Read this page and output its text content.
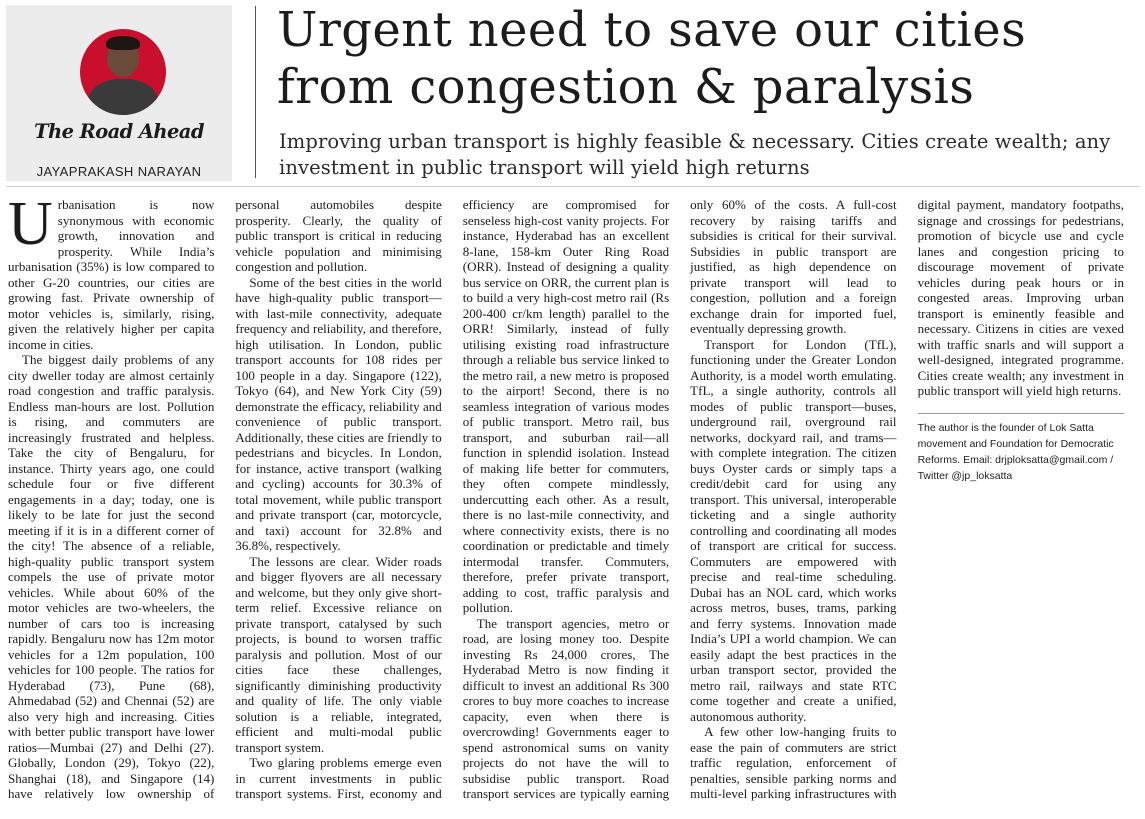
The Road Ahead
JAYAPRAKASH NARAYAN
Urgent need to save our cities from congestion & paralysis

Improving urban transport is highly feasible & necessary. Cities create wealth; any investment in public transport will yield high returns

Urbanisation is now synonymous with economic growth, innovation and prosperity. While India’s urbanisation (35%) is low compared to other G-20 countries, our cities are growing fast. Private ownership of motor vehicles is, similarly, rising, given the relatively higher per capita income in cities.

The biggest daily problems of any city dweller today are almost certainly road congestion and traffic paralysis. Endless man-hours are lost. Pollution is rising, and commuters are increasingly frustrated and helpless. Take the city of Bengaluru, for instance. Thirty years ago, one could schedule four or five different engagements in a day; today, one is likely to be late for just the second meeting if it is in a different corner of the city! The absence of a reliable, high-quality public transport system compels the use of private motor vehicles. While about 60% of the motor vehicles are two-wheelers, the number of cars too is increasing rapidly. Bengaluru now has 12m motor vehicles for a 12m population, 100 vehicles for 100 people. The ratios for Hyderabad (73), Pune (68), Ahmedabad (52) and Chennai (52) are also very high and increasing. Cities with better public transport have lower ratios—Mumbai (27) and Delhi (27). Globally, London (29), Tokyo (22), Shanghai (18), and Singapore (14) have relatively low ownership of personal automobiles despite prosperity. Clearly, the quality of public transport is critical in reducing vehicle population and minimising congestion and pollution.

Some of the best cities in the world have high-quality public transport—with last-mile connectivity, adequate frequency and reliability, and therefore, high utilisation. In London, public transport accounts for 108 rides per 100 people in a day. Singapore (122), Tokyo (64), and New York City (59) demonstrate the efficacy, reliability and convenience of public transport. Additionally, these cities are friendly to pedestrians and bicycles. In London, for instance, active transport (walking and cycling) accounts for 30.3% of total movement, while public transport and private transport (car, motorcycle, and taxi) account for 32.8% and 36.8%, respectively.

The lessons are clear. Wider roads and bigger flyovers are all necessary and welcome, but they only give short-term relief. Excessive reliance on private transport, catalysed by such projects, is bound to worsen traffic paralysis and pollution. Most of our cities face these challenges, significantly diminishing productivity and quality of life. The only viable solution is a reliable, integrated, efficient and multi-modal public transport system.

Two glaring problems emerge even in current investments in public transport systems. First, economy and efficiency are compromised for senseless high-cost vanity projects. For instance, Hyderabad has an excellent 8-lane, 158-km Outer Ring Road (ORR). Instead of designing a quality bus service on ORR, the current plan is to build a very high-cost metro rail (Rs 200-400 cr/km length) parallel to the ORR! Similarly, instead of fully utilising existing road infrastructure through a reliable bus service linked to the metro rail, a new metro is proposed to the airport! Second, there is no seamless integration of various modes of public transport. Metro rail, bus transport, and suburban rail—all function in splendid isolation. Instead of making life better for commuters, they often compete mindlessly, undercutting each other. As a result, there is no last-mile connectivity, and where connectivity exists, there is no coordination or predictable and timely intermodal transfer. Commuters, therefore, prefer private transport, adding to cost, traffic paralysis and pollution.

The transport agencies, metro or road, are losing money too. Despite investing Rs 24,000 crores, The Hyderabad Metro is now finding it difficult to invest an additional Rs 300 crores to buy more coaches to increase capacity, even when there is overcrowding! Governments eager to spend astronomical sums on vanity projects do not have the will to subsidise public transport. Road transport services are typically earning only 60% of the costs. A full-cost recovery by raising tariffs and subsidies is critical for their survival. Subsidies in public transport are justified, as high dependence on private transport will lead to congestion, pollution and a foreign exchange drain for imported fuel, eventually depressing growth.

Transport for London (TfL), functioning under the Greater London Authority, is a model worth emulating. TfL, a single authority, controls all modes of public transport—buses, underground rail, overground rail networks, dockyard rail, and trams—with complete integration. The citizen buys Oyster cards or simply taps a credit/debit card for using any transport. This universal, interoperable ticketing and a single authority controlling and coordinating all modes of transport are critical for success. Commuters are empowered with precise and real-time scheduling. Dubai has an NOL card, which works across metros, buses, trams, parking and ferry systems. Innovation made India’s UPI a world champion. We can easily adapt the best practices in the urban transport sector, provided the metro rail, railways and state RTC come together and create a unified, autonomous authority.

A few other low-hanging fruits to ease the pain of commuters are strict traffic regulation, enforcement of penalties, sensible parking norms and multi-level parking infrastructures with digital payment, mandatory footpaths, signage and crossings for pedestrians, promotion of bicycle use and cycle lanes and congestion pricing to discourage movement of private vehicles during peak hours or in congested areas. Improving urban transport is eminently feasible and necessary. Citizens in cities are vexed with traffic snarls and will support a well-designed, integrated programme. Cities create wealth; any investment in public transport will yield high returns.

The author is the founder of Lok Satta movement and Foundation for Democratic Reforms. Email: drjploksatta@gmail.com / Twitter @jp_loksatta
